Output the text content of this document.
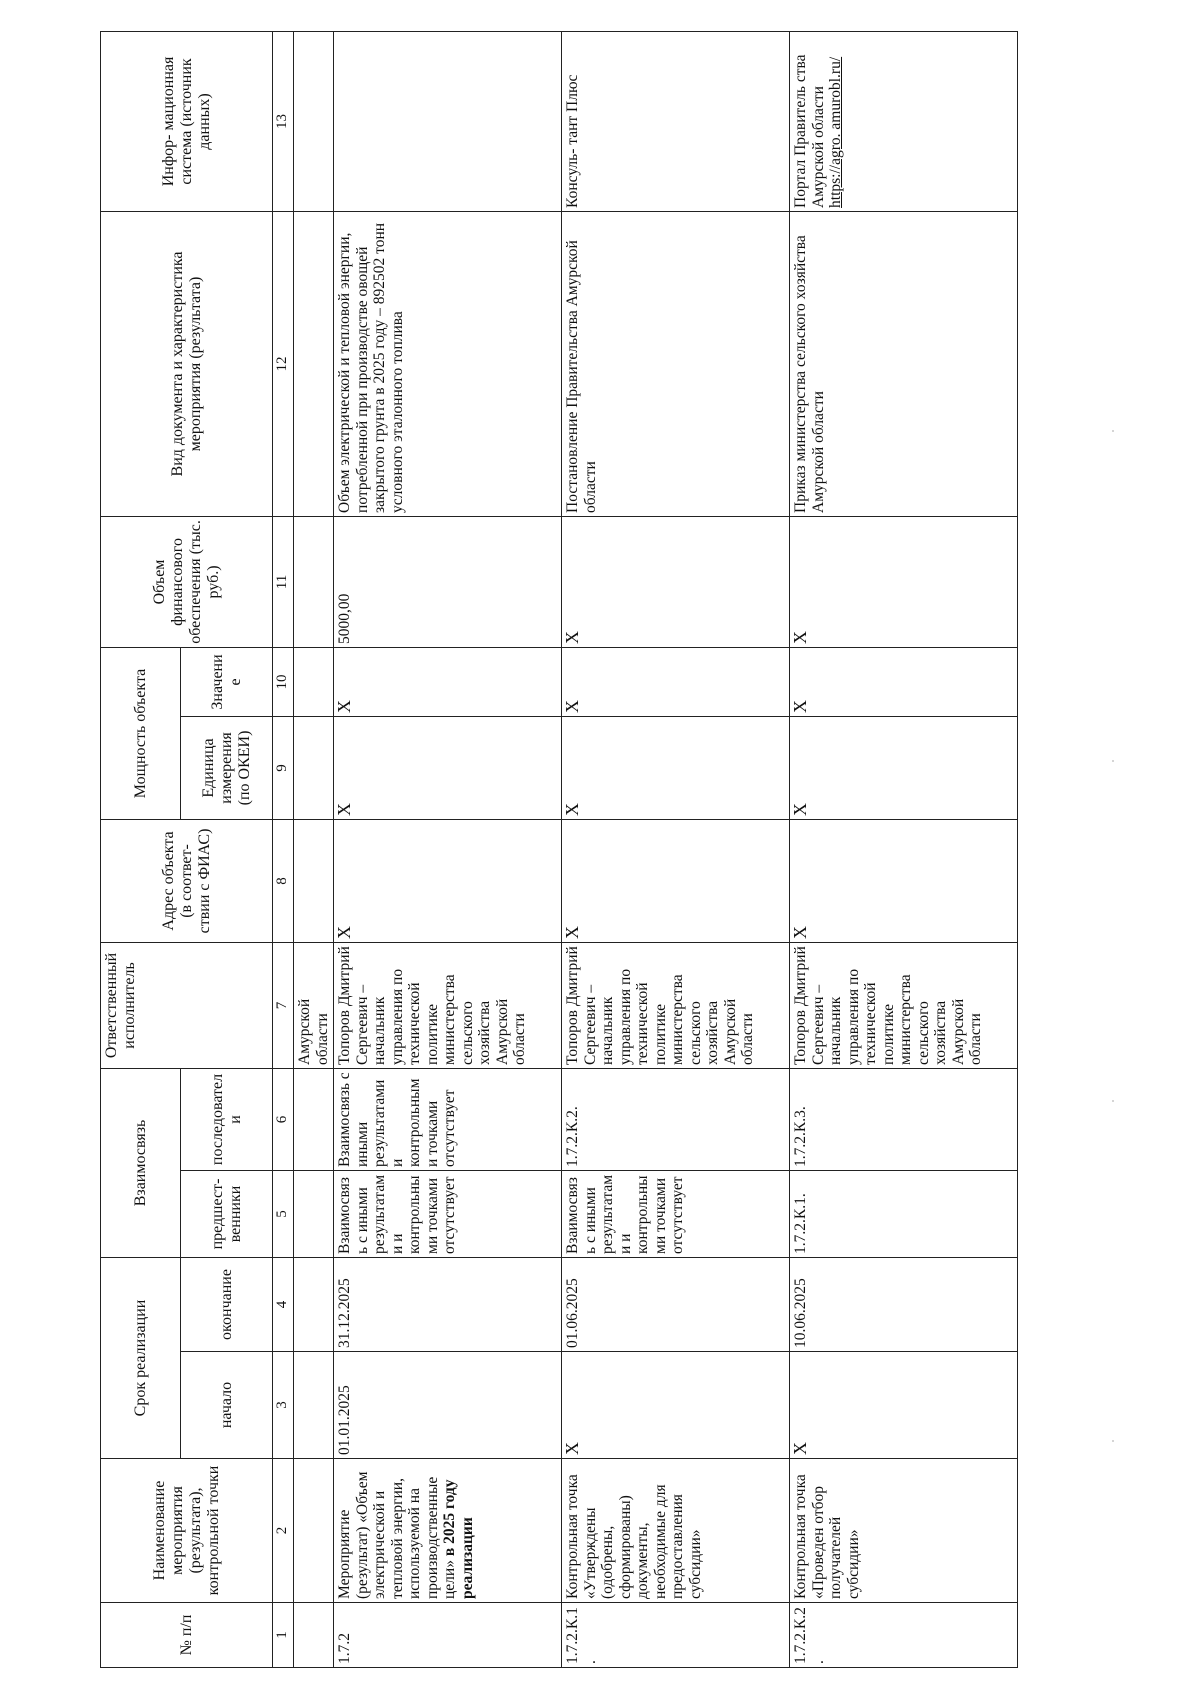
№ п/п	Наименование мероприятия (результата), контрольной точки	Срок реализации		Взаимосвязь		Ответственный исполнитель	Адрес объекта (в соответ- ствии с ФИАС)	Мощность объекта		Объем финансового обеспечения (тыс. руб.)	Вид документа и характеристика мероприятия (результата)	Инфор- мационная система (источник данных)
		начало	окончание	предшест- венники	последователи			Единица измерения (по ОКЕИ)	Значение			
1	2	3	4	5	6	7	8	9	10	11	12	13
						Амурской области						
1.7.2	Мероприятие (результат) «Объем электрической и тепловой энергии, используемой на производственные цели» в 2025 году реализации	01.01.2025	31.12.2025	Взаимосвязь с иными результатами и контрольными точками отсутствует	Взаимосвязь с иными результатами и контрольными точками отсутствует	Топоров Дмитрий Сергеевич – начальник управления по технической политике министерства сельского хозяйства Амурской области	X	X	X	5000,00	Объем электрической и тепловой энергии, потребленной при производстве овощей закрытого грунта в 2025 году – 892502 тонн условного эталонного топлива	
1.7.2.К.1.	Контрольная точка «Утверждены (одобрены, сформированы) документы, необходимые для предоставления субсидии»	X	01.06.2025	Взаимосвязь с иными результатами и контрольными точками отсутствует	1.7.2.К.2.	Топоров Дмитрий Сергеевич – начальник управления по технической политике министерства сельского хозяйства Амурской области	X	X	X	X	Постановление Правительства Амурской области	Консуль- тант Плюс
1.7.2.К.2.	Контрольная точка «Проведен отбор получателей субсидии»	X	10.06.2025	1.7.2.К.1.	1.7.2.К.3.	Топоров Дмитрий Сергеевич – начальник управления по технической политике министерства сельского хозяйства Амурской области	X	X	X	X	Приказ министерства сельского хозяйства Амурской области	Портал Правитель ства Амурской области
https://agro. amurobl.ru/
